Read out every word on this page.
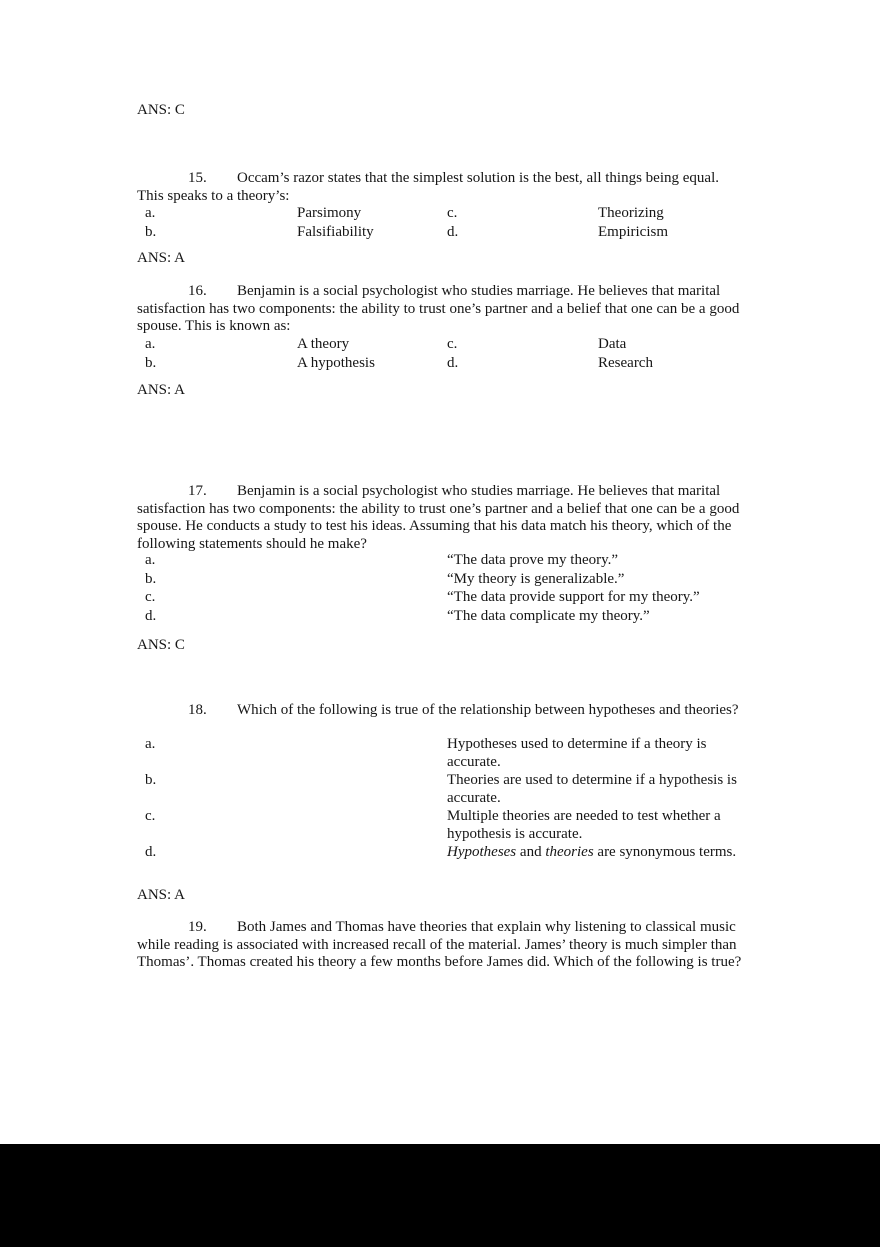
ANS: C
15. Occam’s razor states that the simplest solution is the best, all things being equal. This speaks to a theory’s:
a.	Parsimony	c.	Theorizing
b.	Falsifiability	d.	Empiricism
ANS: A
16. Benjamin is a social psychologist who studies marriage. He believes that marital satisfaction has two components: the ability to trust one’s partner and a belief that one can be a good spouse. This is known as:
a.	A theory	c.	Data
b.	A hypothesis	d.	Research
ANS: A
17. Benjamin is a social psychologist who studies marriage. He believes that marital satisfaction has two components: the ability to trust one’s partner and a belief that one can be a good spouse. He conducts a study to test his ideas. Assuming that his data match his theory, which of the following statements should he make?
a.	“The data prove my theory.”
b.	“My theory is generalizable.”
c.	“The data provide support for my theory.”
d.	“The data complicate my theory.”
ANS: C
18. Which of the following is true of the relationship between hypotheses and theories?
a.	Hypotheses used to determine if a theory is accurate.
b.	Theories are used to determine if a hypothesis is accurate.
c.	Multiple theories are needed to test whether a hypothesis is accurate.
d.	Hypotheses and theories are synonymous terms.
ANS: A
19. Both James and Thomas have theories that explain why listening to classical music while reading is associated with increased recall of the material. James’ theory is much simpler than Thomas’. Thomas created his theory a few months before James did. Which of the following is true?
